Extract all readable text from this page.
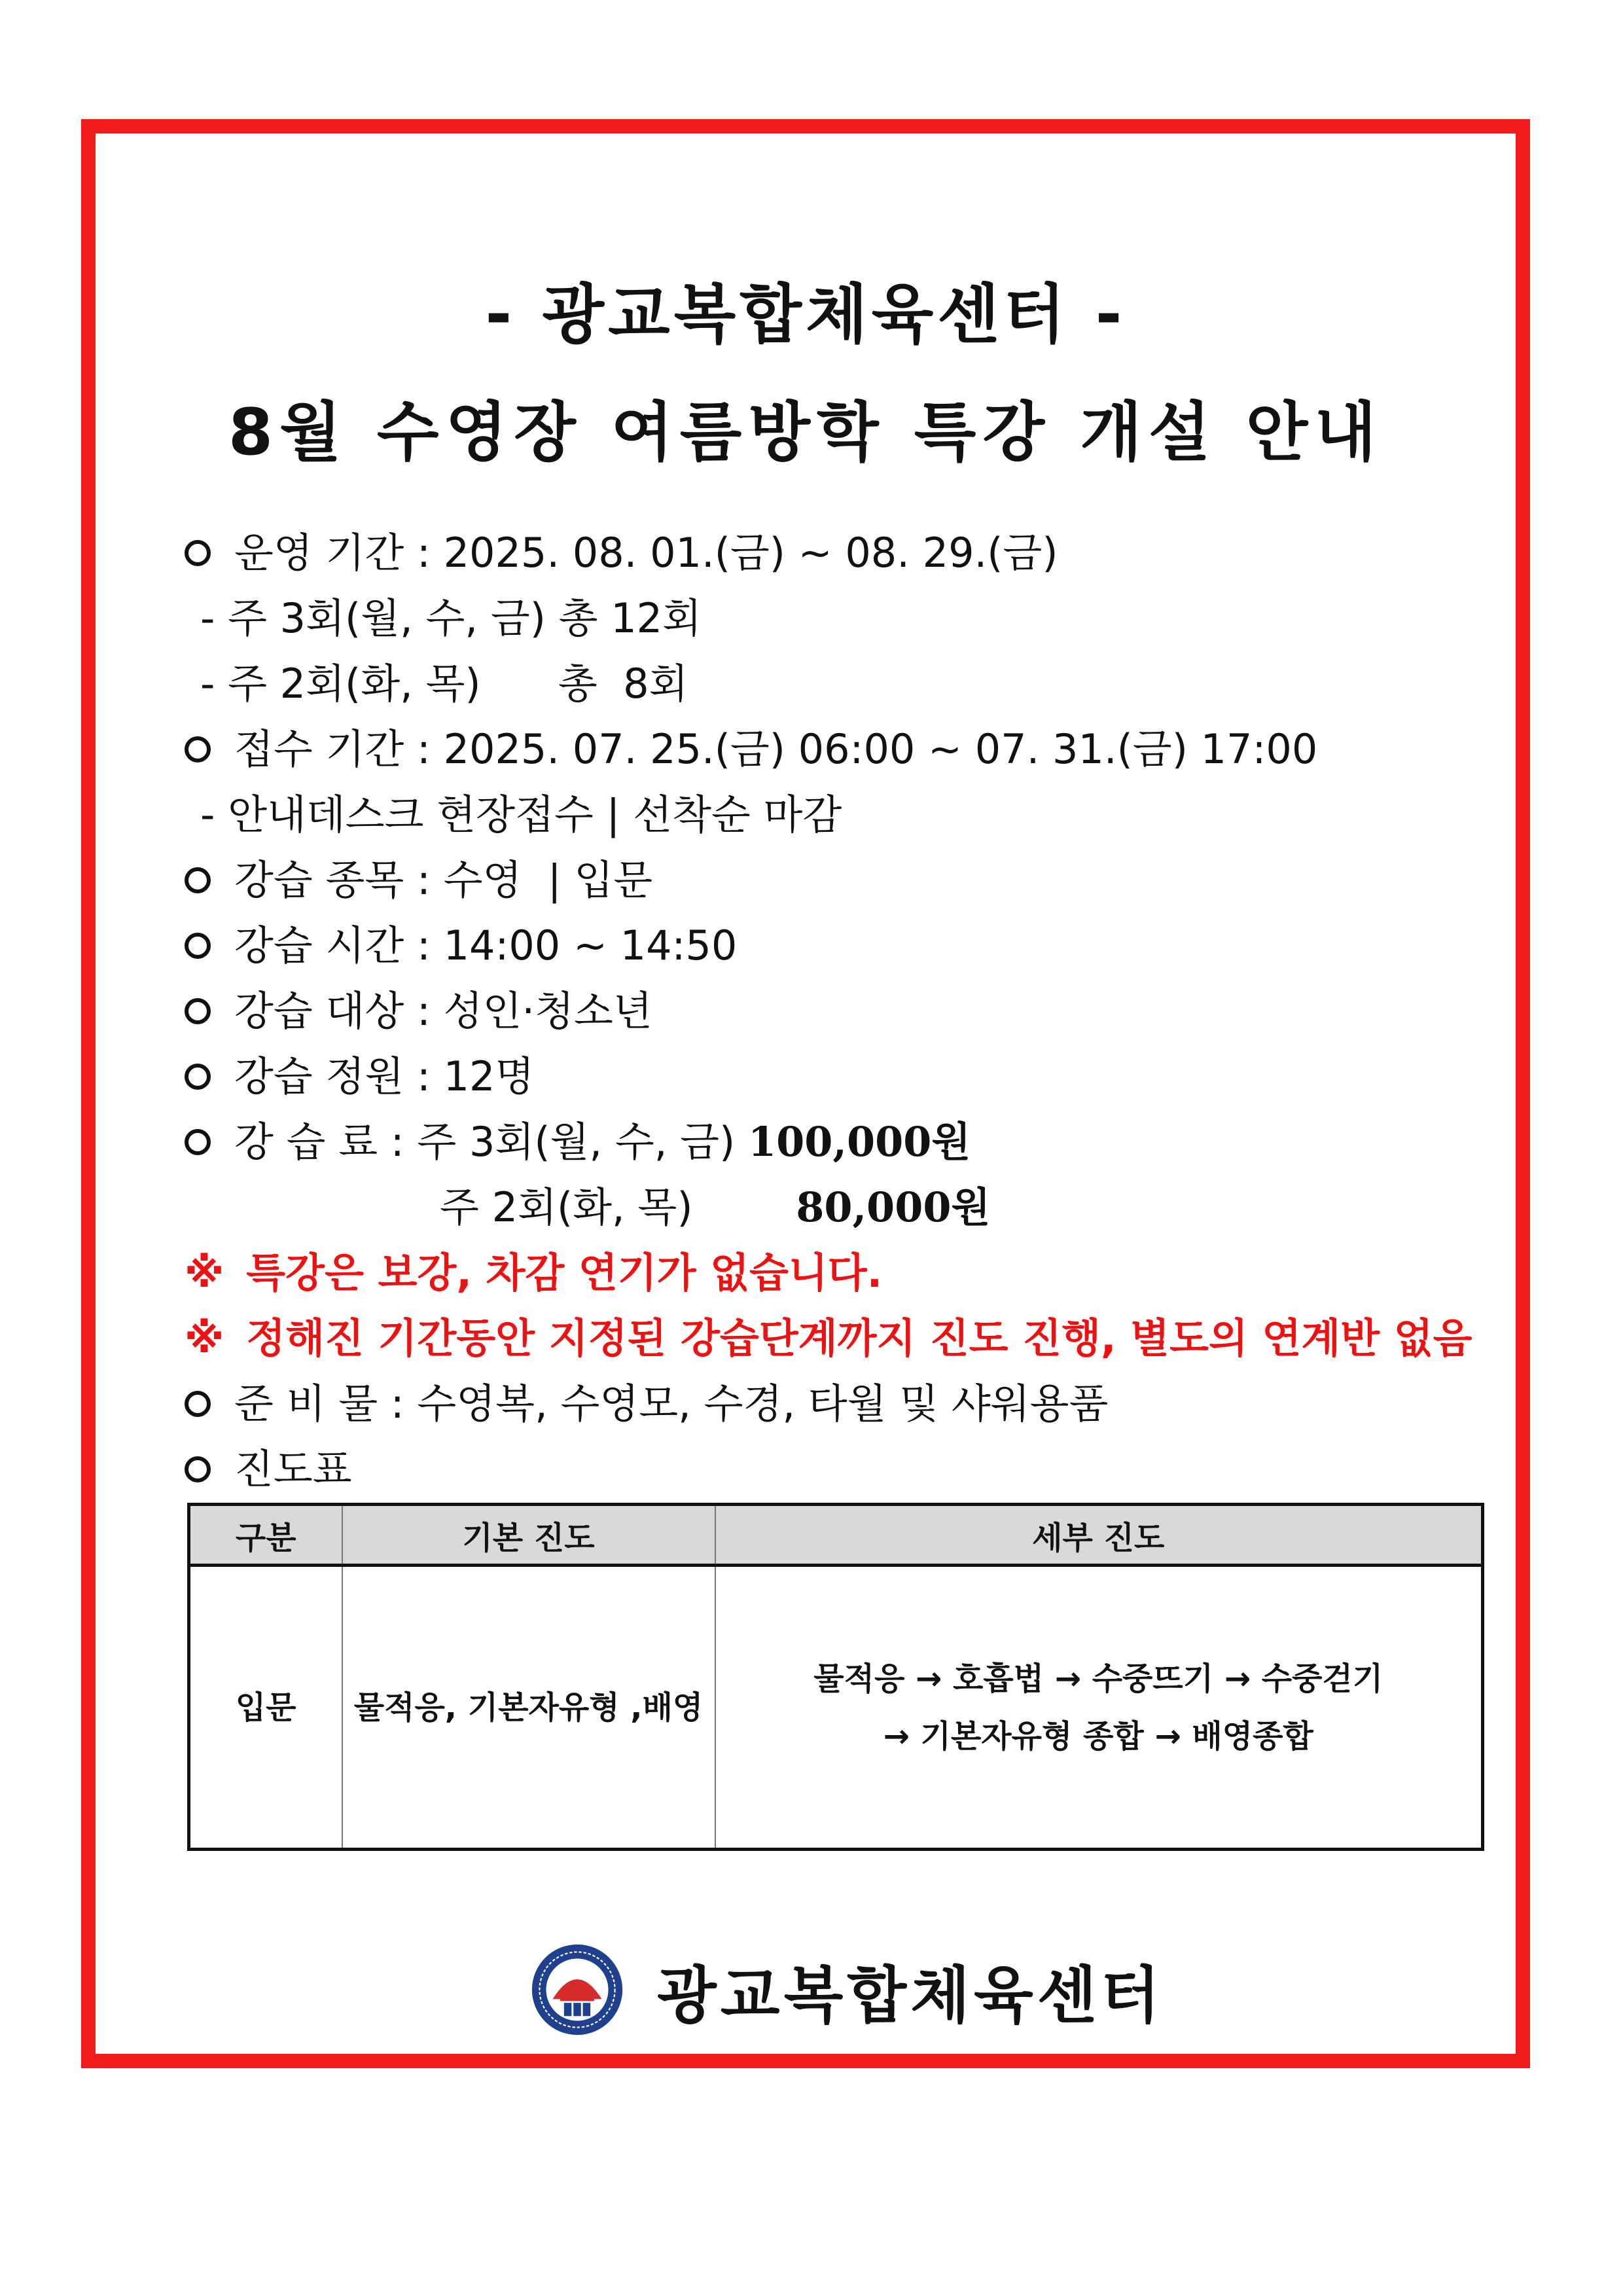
- 광교복합체육센터 -
8월 수영장 여름방학 특강 개설 안내
운영 기간 : 2025. 08. 01.(금) ~ 08. 29.(금)
- 주 3회(월, 수, 금) 총 12회
- 주 2회(화, 목)      총  8회
접수 기간 : 2025. 07. 25.(금) 06:00 ~ 07. 31.(금) 17:00
- 안내데스크 현장접수 | 선착순 마감
강습 종목 : 수영  | 입문
강습 시간 : 14:00 ~ 14:50
강습 대상 : 성인·청소년
강습 정원 : 12명
강 습 료 : 주 3회(월, 수, 금) 100,000원
주 2회(화, 목)        80,000원
※ 특강은 보강, 차감 연기가 없습니다.
※ 정해진 기간동안 지정된 강습단계까지 진도 진행, 별도의 연계반 없음
준 비 물 : 수영복, 수영모, 수경, 타월 및 샤워용품
진도표
구분	기본 진도	세부 진도
입문	물적응, 기본자유형 ,배영	물적응 → 호흡법 → 수중뜨기 → 수중걷기
→ 기본자유형 종합 → 배영종합
광교복합체육센터
